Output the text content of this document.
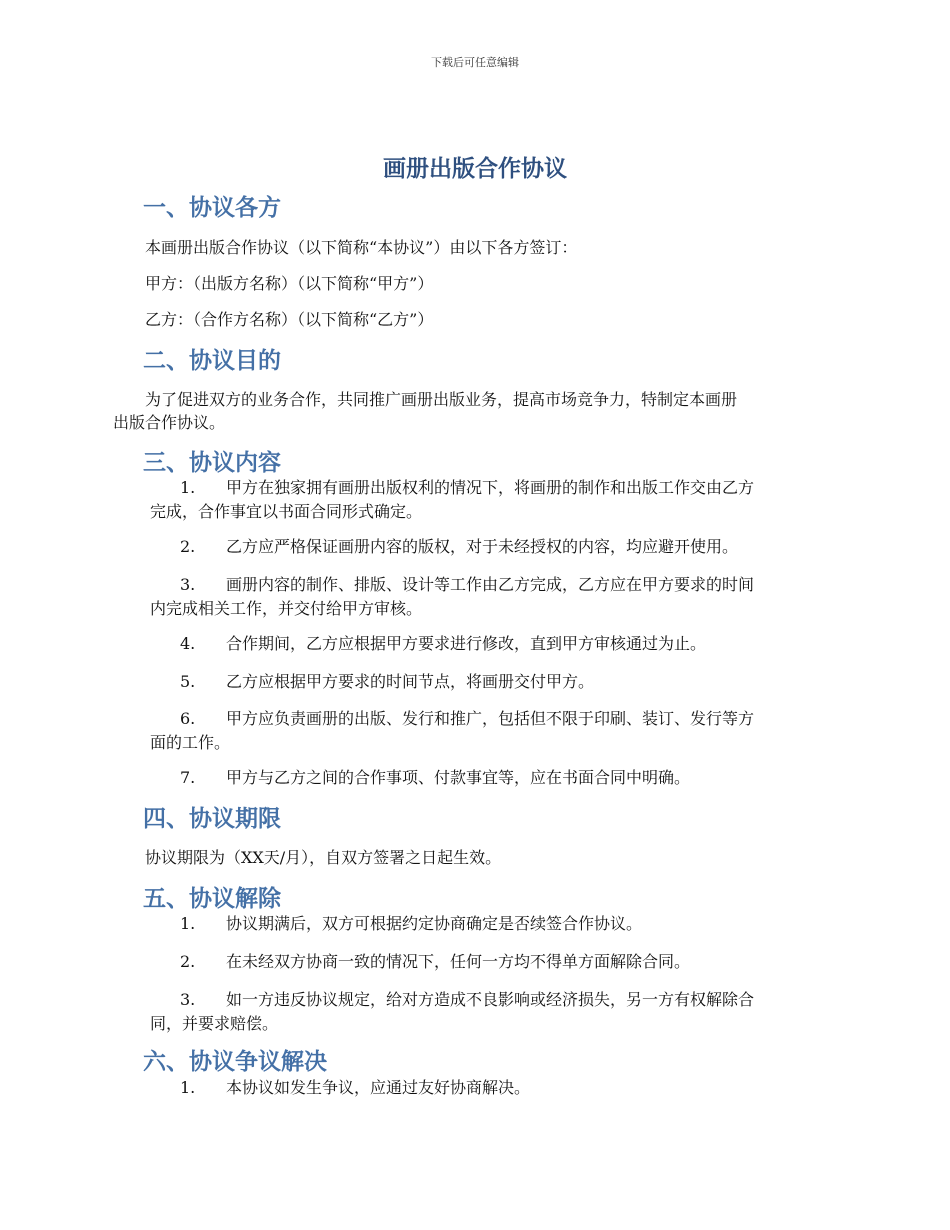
下载后可任意编辑
画册出版合作协议
一、协议各方
本画册出版合作协议（以下简称“本协议”）由以下各方签订：
甲方：（出版方名称）（以下简称“甲方”）
乙方：（合作方名称）（以下简称“乙方”）
二、协议目的
为了促进双方的业务合作，共同推广画册出版业务，提高市场竞争力，特制定本画册
出版合作协议。
三、协议内容
1. 甲方在独家拥有画册出版权利的情况下，将画册的制作和出版工作交由乙方
完成，合作事宜以书面合同形式确定。
2. 乙方应严格保证画册内容的版权，对于未经授权的内容，均应避开使用。
3. 画册内容的制作、排版、设计等工作由乙方完成，乙方应在甲方要求的时间
内完成相关工作，并交付给甲方审核。
4. 合作期间，乙方应根据甲方要求进行修改，直到甲方审核通过为止。
5. 乙方应根据甲方要求的时间节点，将画册交付甲方。
6. 甲方应负责画册的出版、发行和推广，包括但不限于印刷、装订、发行等方
面的工作。
7. 甲方与乙方之间的合作事项、付款事宜等，应在书面合同中明确。
四、协议期限
协议期限为（XX天/月），自双方签署之日起生效。
五、协议解除
1. 协议期满后，双方可根据约定协商确定是否续签合作协议。
2. 在未经双方协商一致的情况下，任何一方均不得单方面解除合同。
3. 如一方违反协议规定，给对方造成不良影响或经济损失，另一方有权解除合
同，并要求赔偿。
六、协议争议解决
1. 本协议如发生争议，应通过友好协商解决。
